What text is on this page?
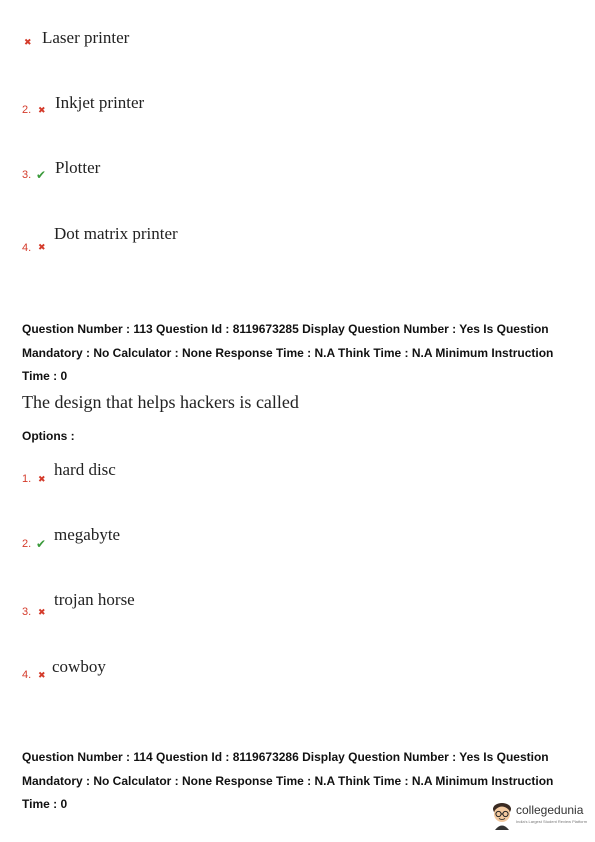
✖ Laser printer
2. ✖ Inkjet printer
3. ✔ Plotter
4. ✖
Dot matrix printer
Question Number : 113 Question Id : 8119673285 Display Question Number : Yes Is Question
Mandatory : No Calculator : None Response Time : N.A Think Time : N.A Minimum Instruction
Time : 0
The design that helps hackers is called
Options :
1. ✖
hard disc
2. ✔ megabyte
3. ✖
trojan horse
4. ✖ cowboy
Question Number : 114 Question Id : 8119673286 Display Question Number : Yes Is Question
Mandatory : No Calculator : None Response Time : N.A Think Time : N.A Minimum Instruction
Time : 0	collegedunia
India's Largest Student Review Platform
